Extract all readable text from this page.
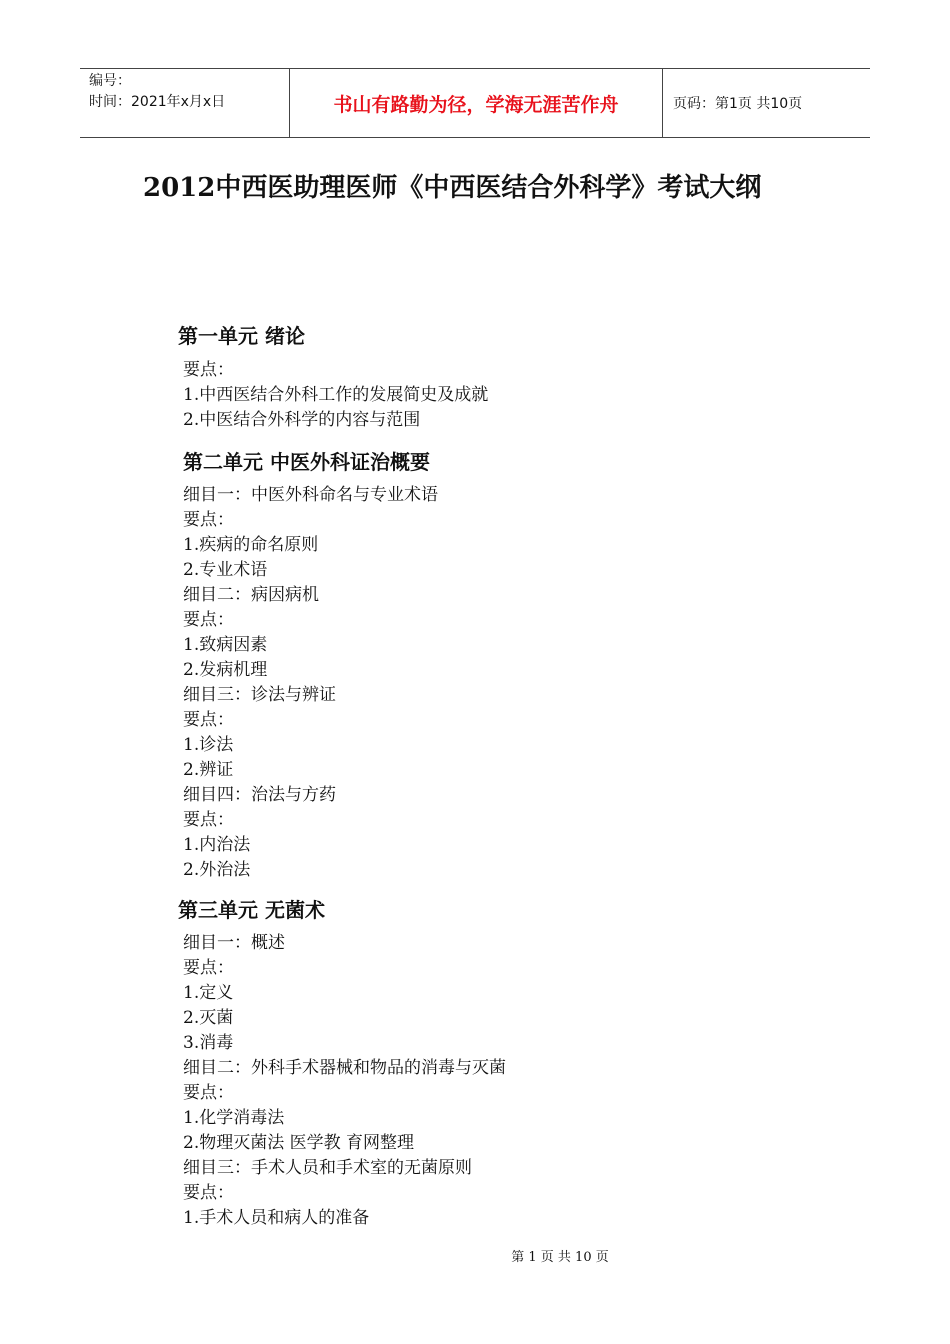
编号：
时间：2021年x月x日	书山有路勤为径，学海无涯苦作舟	页码：第1页 共10页
2012中西医助理医师《中西医结合外科学》考试大纲
第一单元 绪论
要点：
1.中西医结合外科工作的发展简史及成就
2.中医结合外科学的内容与范围
第二单元 中医外科证治概要
细目一：中医外科命名与专业术语
要点：
1.疾病的命名原则
2.专业术语
细目二：病因病机
要点：
1.致病因素
2.发病机理
细目三：诊法与辨证
要点：
1.诊法
2.辨证
细目四：治法与方药
要点：
1.内治法
2.外治法
第三单元 无菌术
细目一：概述
要点：
1.定义
2.灭菌
3.消毒
细目二：外科手术器械和物品的消毒与灭菌
要点：
1.化学消毒法
2.物理灭菌法 医学教 育网整理
细目三：手术人员和手术室的无菌原则
要点：
1.手术人员和病人的准备
第 1 页 共 10 页
